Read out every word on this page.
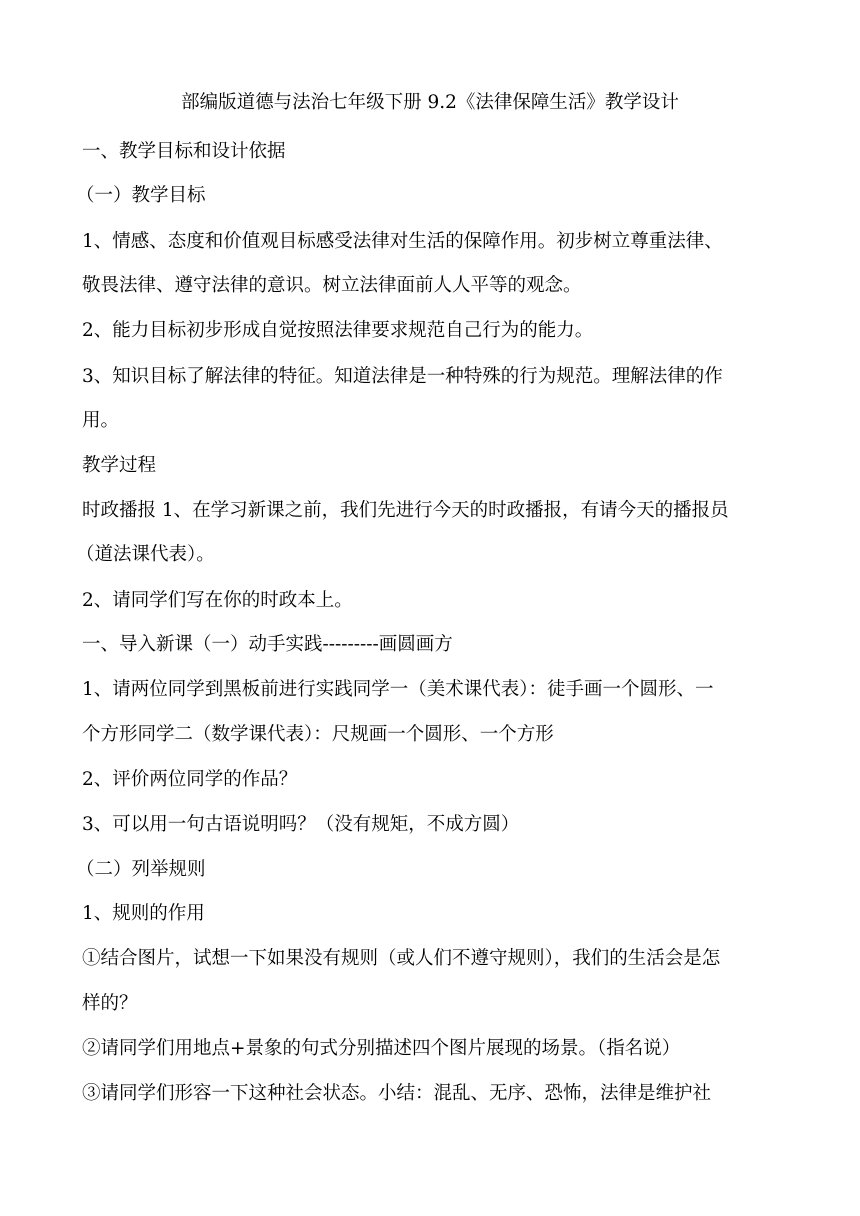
部编版道德与法治七年级下册 9.2《法律保障生活》教学设计
一、教学目标和设计依据
（一）教学目标
1、情感、态度和价值观目标感受法律对生活的保障作用。初步树立尊重法律、
敬畏法律、遵守法律的意识。树立法律面前人人平等的观念。
2、能力目标初步形成自觉按照法律要求规范自己行为的能力。
3、知识目标了解法律的特征。知道法律是一种特殊的行为规范。理解法律的作
用。
教学过程
时政播报 1、在学习新课之前，我们先进行今天的时政播报，有请今天的播报员
（道法课代表）。
2、请同学们写在你的时政本上。
一、导入新课（一）动手实践---------画圆画方
1、请两位同学到黑板前进行实践同学一（美术课代表）：徒手画一个圆形、一
个方形同学二（数学课代表）：尺规画一个圆形、一个方形
2、评价两位同学的作品？
3、可以用一句古语说明吗？（没有规矩，不成方圆）
（二）列举规则
1、规则的作用
①结合图片，试想一下如果没有规则（或人们不遵守规则），我们的生活会是怎
样的？
②请同学们用地点+景象的句式分别描述四个图片展现的场景。（指名说）
③请同学们形容一下这种社会状态。小结：混乱、无序、恐怖，法律是维护社
